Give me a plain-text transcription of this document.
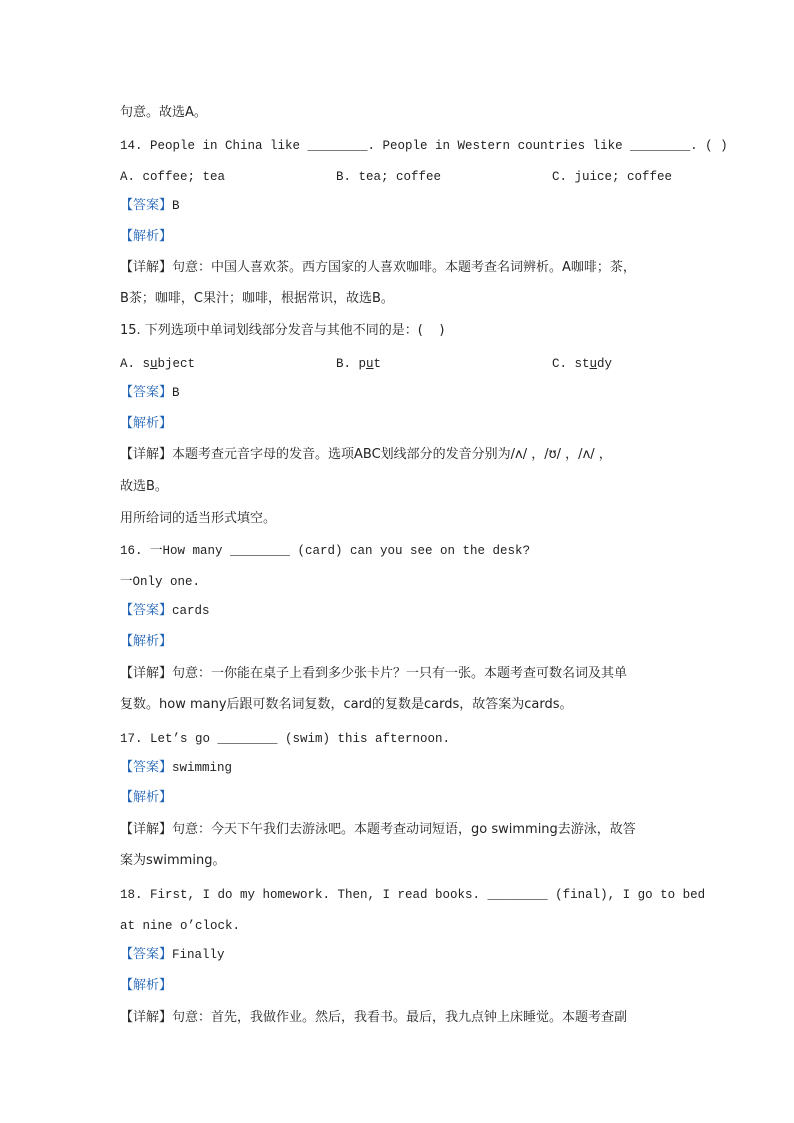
句意。故选A。
14. People in China like ________. People in Western countries like ________. ( )
A. coffee; tea	B. tea; coffee	C. juice; coffee
【答案】B
【解析】
【详解】句意：中国人喜欢茶。西方国家的人喜欢咖啡。本题考查名词辨析。A咖啡；茶，
B茶；咖啡，C果汁；咖啡，根据常识，故选B。
15. 下列选项中单词划线部分发音与其他不同的是：(    )
A. subject	B. put	C. study
【答案】B
【解析】
【详解】本题考查元音字母的发音。选项ABC划线部分的发音分别为/ʌ/ ，/ʊ/ ，/ʌ/ ，
故选B。
用所给词的适当形式填空。
16. 一How many ________ (card) can you see on the desk?
一Only one.
【答案】cards
【解析】
【详解】句意：一你能在桌子上看到多少张卡片？一只有一张。本题考查可数名词及其单
复数。how many后跟可数名词复数，card的复数是cards，故答案为cards。
17. Let’s go ________ (swim) this afternoon.
【答案】swimming
【解析】
【详解】句意：今天下午我们去游泳吧。本题考查动词短语，go swimming去游泳，故答
案为swimming。
18. First, I do my homework. Then, I read books. ________ (final), I go to bed
at nine o’clock.
【答案】Finally
【解析】
【详解】句意：首先，我做作业。然后，我看书。最后，我九点钟上床睡觉。本题考查副
